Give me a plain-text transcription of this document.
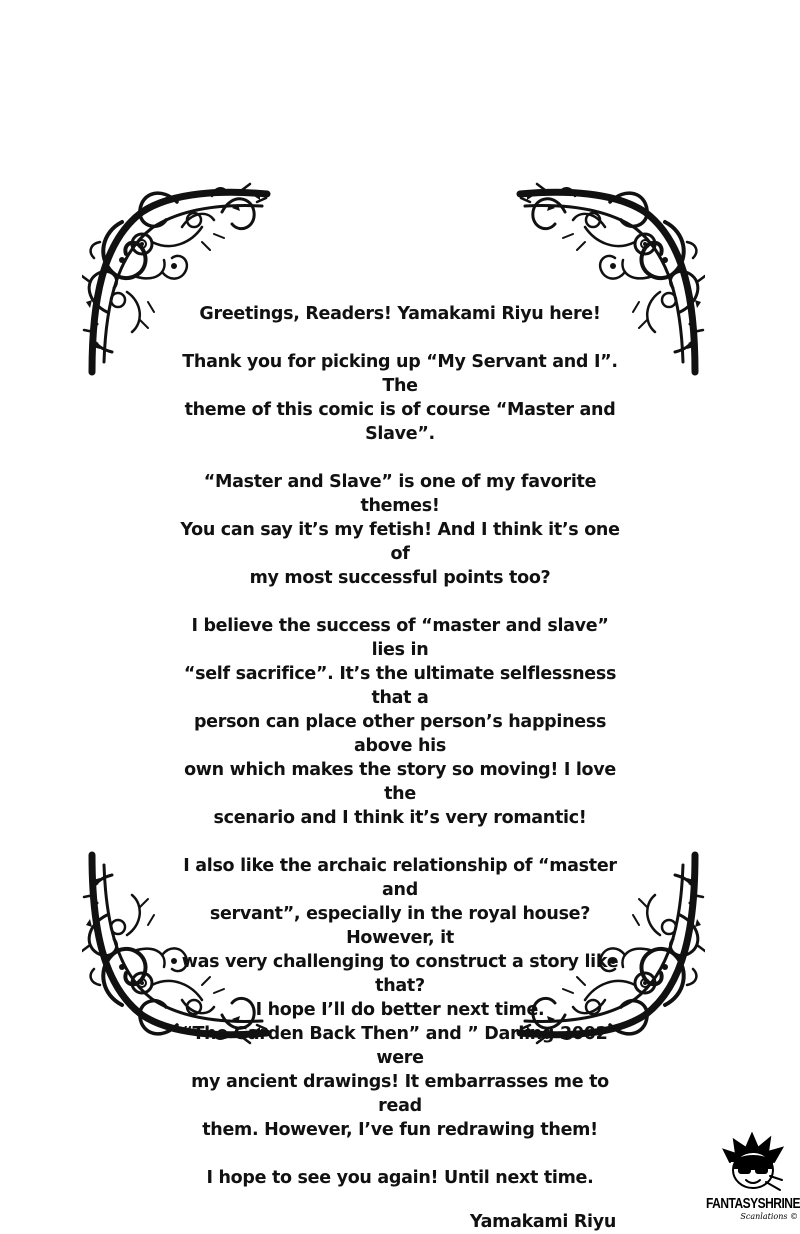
Greetings, Readers! Yamakami Riyu here!

Thank you for picking up “My Servant and I”. The
theme of this comic is of course “Master and Slave”.

“Master and Slave” is one of my favorite themes!
You can say it’s my fetish! And I think it’s one of
my most successful points too?

I believe the success of “master and slave” lies in
“self sacrifice”. It’s the ultimate selflessness that a
person can place other person’s happiness above his
own which makes the story so moving! I love the
scenario and I think it’s very romantic!

I also like the archaic relationship of “master and
servant”, especially in the royal house? However, it
was very challenging to construct a story like that?
I hope I’ll do better next time.
“The Garden Back Then” and ” Darling 2002” were
my ancient drawings! It embarrasses me to read
them. However, I’ve fun redrawing them!

I hope to see you again! Until next time.

Yamakami Riyu
FANTASYSHRINE
Scanlations ©
